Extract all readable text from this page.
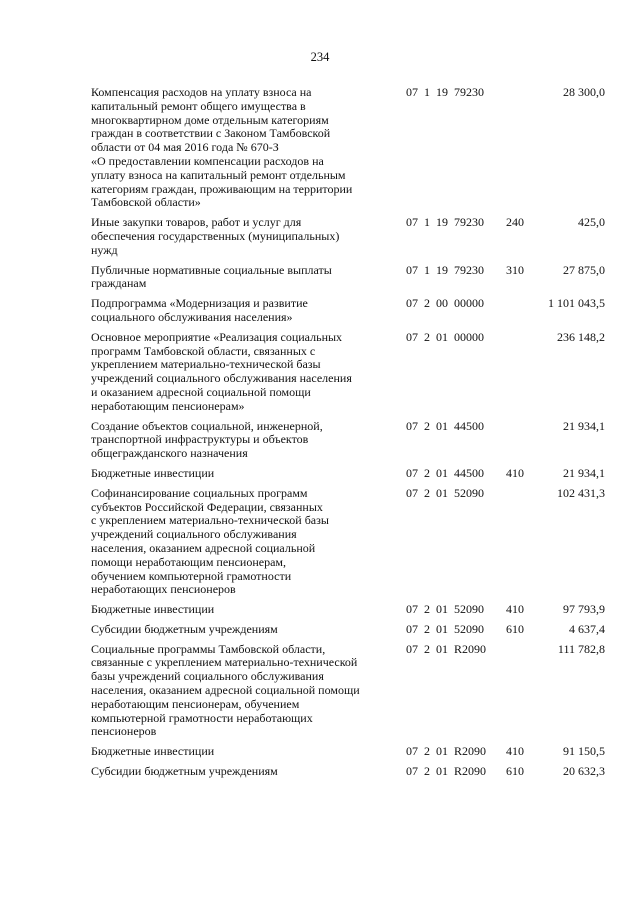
234
Компенсация расходов на уплату взноса на
капитальный ремонт общего имущества в
многоквартирном доме отдельным категориям
граждан в соответствии с Законом Тамбовской
области от 04 мая 2016 года № 670-З
«О предоставлении компенсации расходов на
уплату взноса на капитальный ремонт отдельным
категориям граждан, проживающим на территории
Тамбовской области»
07 1 19 79230	28 300,0
Иные закупки товаров, работ и услуг для
обеспечения государственных (муниципальных)
нужд
07 1 19 79230 240	425,0
Публичные нормативные социальные выплаты
гражданам
07 1 19 79230 310	27 875,0
Подпрограмма «Модернизация и развитие
социального обслуживания населения»
07 2 00 00000	1 101 043,5
Основное мероприятие «Реализация социальных
программ Тамбовской области, связанных с
укреплением материально-технической базы
учреждений социального обслуживания населения
и оказанием адресной социальной помощи
неработающим пенсионерам»
07 2 01 00000	236 148,2
Создание объектов социальной, инженерной,
транспортной инфраструктуры и объектов
общегражданского назначения
07 2 01 44500	21 934,1
Бюджетные инвестиции	07 2 01 44500 410	21 934,1
Софинансирование социальных программ
субъектов Российской Федерации, связанных
с укреплением материально-технической базы
учреждений социального обслуживания
населения, оказанием адресной социальной
помощи неработающим пенсионерам,
обучением компьютерной грамотности
неработающих пенсионеров
07 2 01 52090	102 431,3
Бюджетные инвестиции	07 2 01 52090 410	97 793,9
Субсидии бюджетным учреждениям	07 2 01 52090 610	4 637,4
Социальные программы Тамбовской области,
связанные с укреплением материально-технической
базы учреждений социального обслуживания
населения, оказанием адресной социальной помощи
неработающим пенсионерам, обучением
компьютерной грамотности неработающих
пенсионеров
07 2 01 R2090	111 782,8
Бюджетные инвестиции	07 2 01 R2090 410	91 150,5
Субсидии бюджетным учреждениям	07 2 01 R2090 610	20 632,3
